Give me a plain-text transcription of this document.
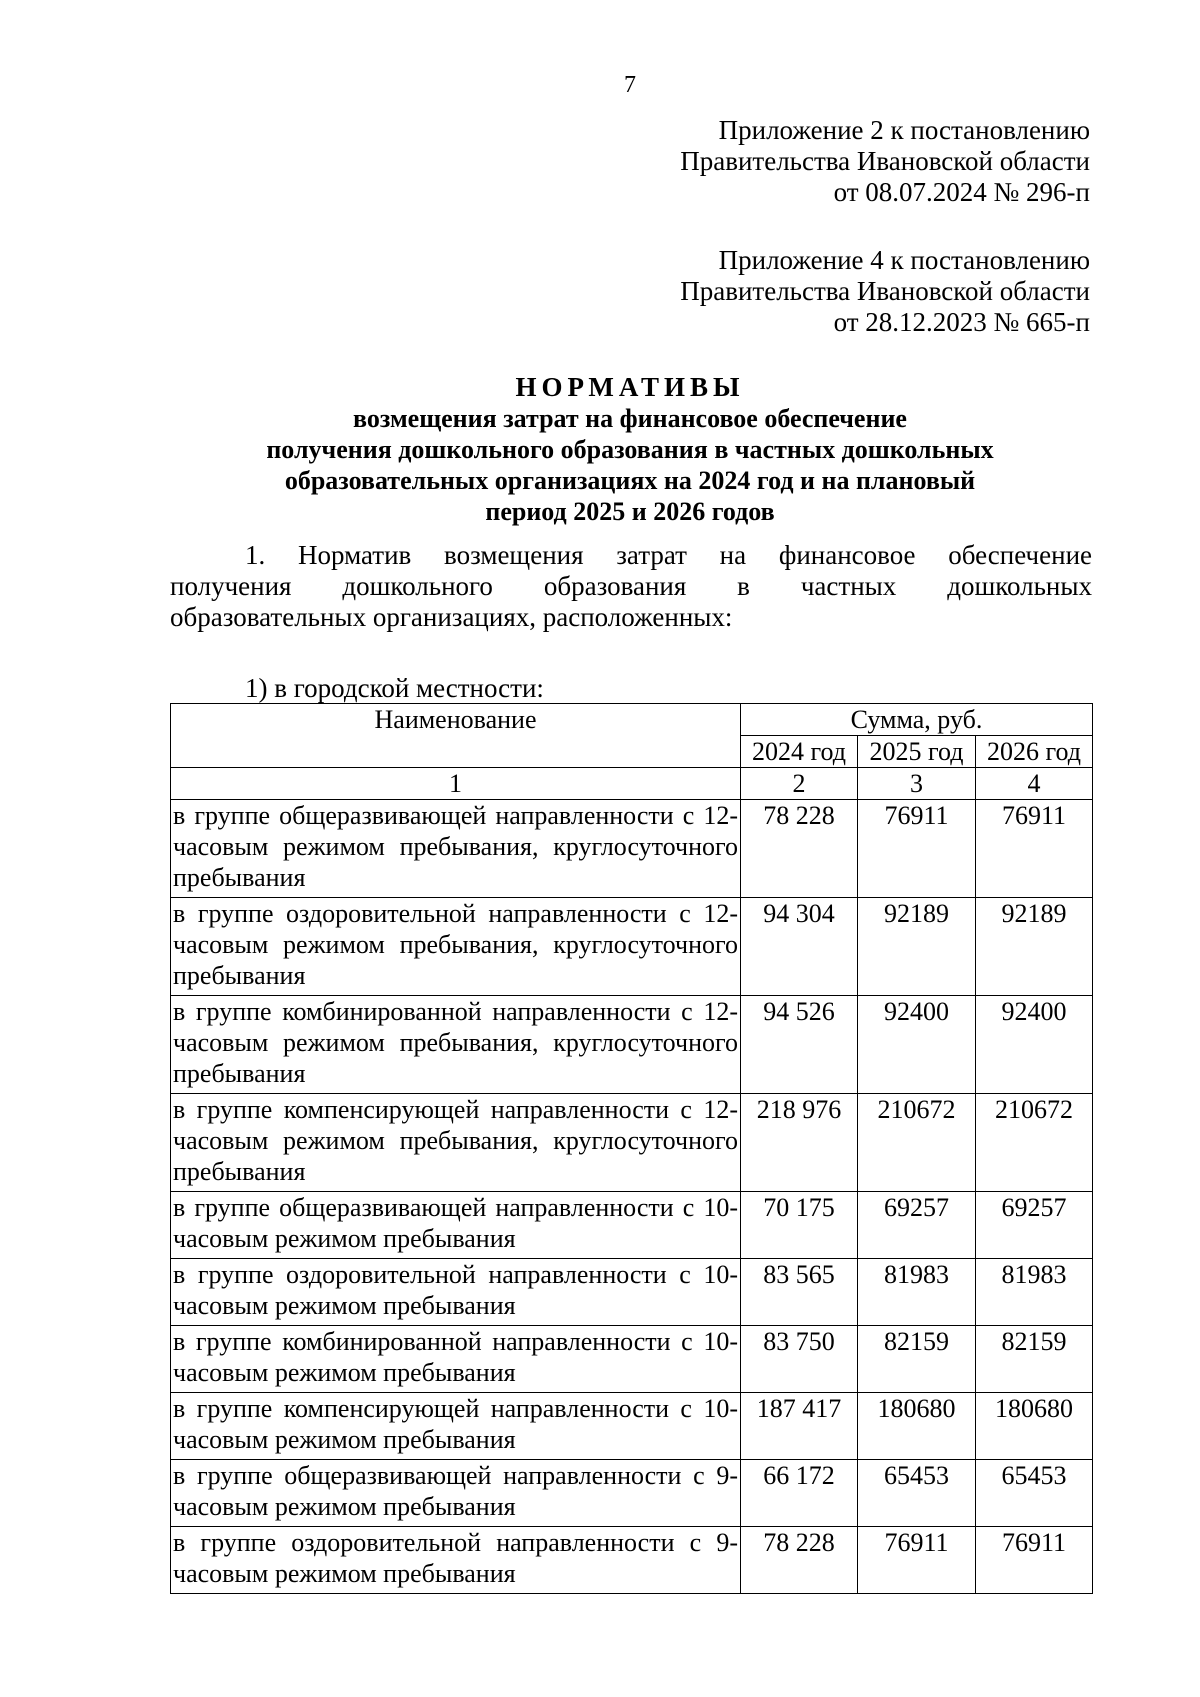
7
Приложение 2 к постановлению
Правительства Ивановской области
от 08.07.2024 № 296-п
Приложение 4 к постановлению
Правительства Ивановской области
от 28.12.2023 № 665-п
НОРМАТИВЫ
возмещения затрат на финансовое обеспечение
получения дошкольного образования в частных дошкольных
образовательных организациях на 2024 год и на плановый
период 2025 и 2026 годов
1. Норматив возмещения затрат на финансовое обеспечение
получения дошкольного образования в частных дошкольных
образовательных организациях, расположенных:
1) в городской местности:
Наименование	Сумма, руб.		
	2024 год	2025 год	2026 год
1	2	3	4
в группе общеразвивающей направленности с 12-часовым режимом пребывания, круглосуточного пребывания	78 228	76911	76911
в группе оздоровительной направленности с 12-часовым режимом пребывания, круглосуточного пребывания	94 304	92189	92189
в группе комбинированной направленности с 12-часовым режимом пребывания, круглосуточного пребывания	94 526	92400	92400
в группе компенсирующей направленности с 12-часовым режимом пребывания, круглосуточного пребывания	218 976	210672	210672
в группе общеразвивающей направленности с 10-часовым режимом пребывания	70 175	69257	69257
в группе оздоровительной направленности с 10-часовым режимом пребывания	83 565	81983	81983
в группе комбинированной направленности с 10-часовым режимом пребывания	83 750	82159	82159
в группе компенсирующей направленности с 10-часовым режимом пребывания	187 417	180680	180680
в группе общеразвивающей направленности с 9-часовым режимом пребывания	66 172	65453	65453
в группе оздоровительной направленности с 9-часовым режимом пребывания	78 228	76911	76911
